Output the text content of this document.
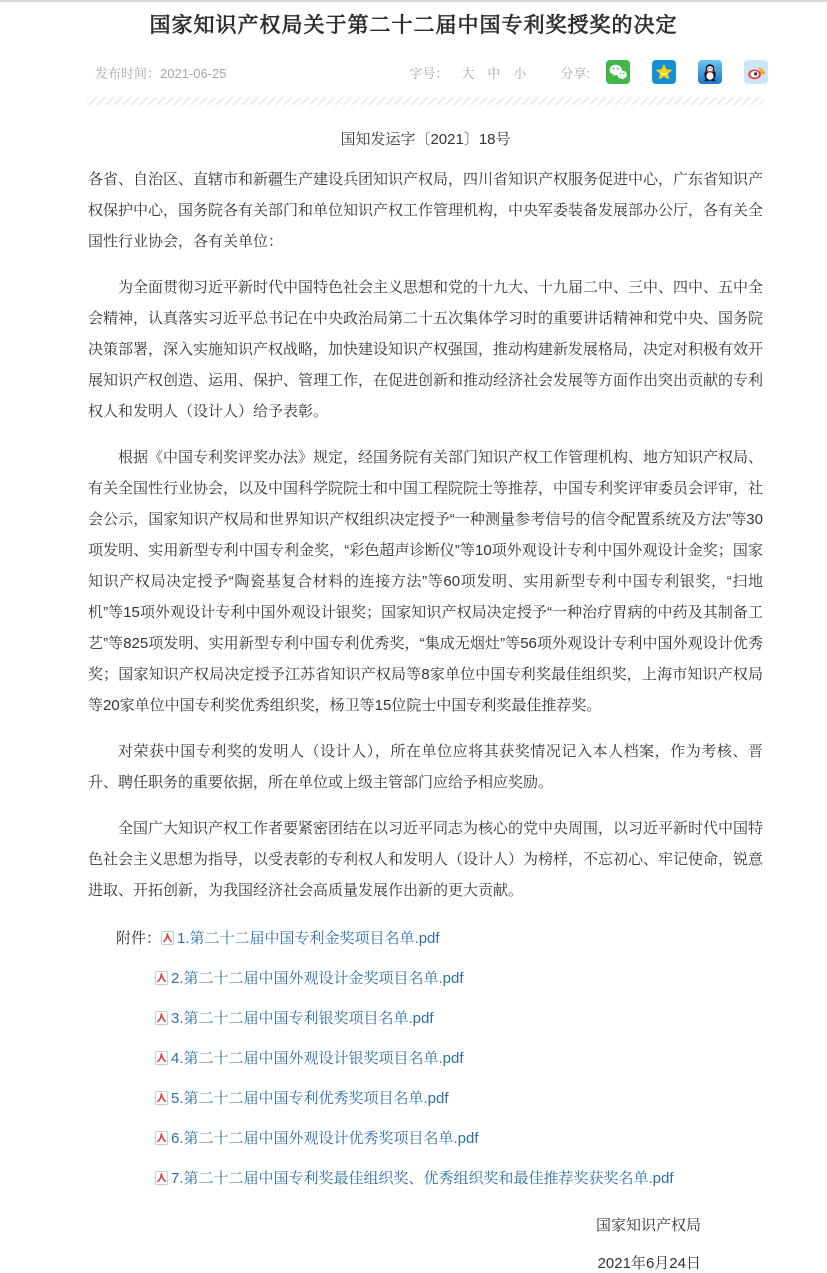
国家知识产权局关于第二十二届中国专利奖授奖的决定
发布时间：2021-06-25	字号： 大 中 小	分享:
国知发运字〔2021〕18号

各省、自治区、直辖市和新疆生产建设兵团知识产权局，四川省知识产权服务促进中心，广东省知识产权保护中心，国务院各有关部门和单位知识产权工作管理机构，中央军委装备发展部办公厅，各有关全国性行业协会，各有关单位：

为全面贯彻习近平新时代中国特色社会主义思想和党的十九大、十九届二中、三中、四中、五中全会精神，认真落实习近平总书记在中央政治局第二十五次集体学习时的重要讲话精神和党中央、国务院决策部署，深入实施知识产权战略，加快建设知识产权强国，推动构建新发展格局，决定对积极有效开展知识产权创造、运用、保护、管理工作，在促进创新和推动经济社会发展等方面作出突出贡献的专利权人和发明人（设计人）给予表彰。

根据《中国专利奖评奖办法》规定，经国务院有关部门知识产权工作管理机构、地方知识产权局、有关全国性行业协会，以及中国科学院院士和中国工程院院士等推荐，中国专利奖评审委员会评审，社会公示，国家知识产权局和世界知识产权组织决定授予“一种测量参考信号的信令配置系统及方法”等30项发明、实用新型专利中国专利金奖，“彩色超声诊断仪”等10项外观设计专利中国外观设计金奖；国家知识产权局决定授予“陶瓷基复合材料的连接方法”等60项发明、实用新型专利中国专利银奖，“扫地机”等15项外观设计专利中国外观设计银奖；国家知识产权局决定授予“一种治疗胃病的中药及其制备工艺”等825项发明、实用新型专利中国专利优秀奖，“集成无烟灶”等56项外观设计专利中国外观设计优秀奖；国家知识产权局决定授予江苏省知识产权局等8家单位中国专利奖最佳组织奖，上海市知识产权局等20家单位中国专利奖优秀组织奖，杨卫等15位院士中国专利奖最佳推荐奖。

对荣获中国专利奖的发明人（设计人），所在单位应将其获奖情况记入本人档案，作为考核、晋升、聘任职务的重要依据，所在单位或上级主管部门应给予相应奖励。

全国广大知识产权工作者要紧密团结在以习近平同志为核心的党中央周围，以习近平新时代中国特色社会主义思想为指导，以受表彰的专利权人和发明人（设计人）为榜样，不忘初心、牢记使命，锐意进取、开拓创新，为我国经济社会高质量发展作出新的更大贡献。

附件： 1.第二十二届中国专利金奖项目名单.pdf
2.第二十二届中国外观设计金奖项目名单.pdf
3.第二十二届中国专利银奖项目名单.pdf
4.第二十二届中国外观设计银奖项目名单.pdf
5.第二十二届中国专利优秀奖项目名单.pdf
6.第二十二届中国外观设计优秀奖项目名单.pdf
7.第二十二届中国专利奖最佳组织奖、优秀组织奖和最佳推荐奖获奖名单.pdf
国家知识产权局
2021年6月24日
